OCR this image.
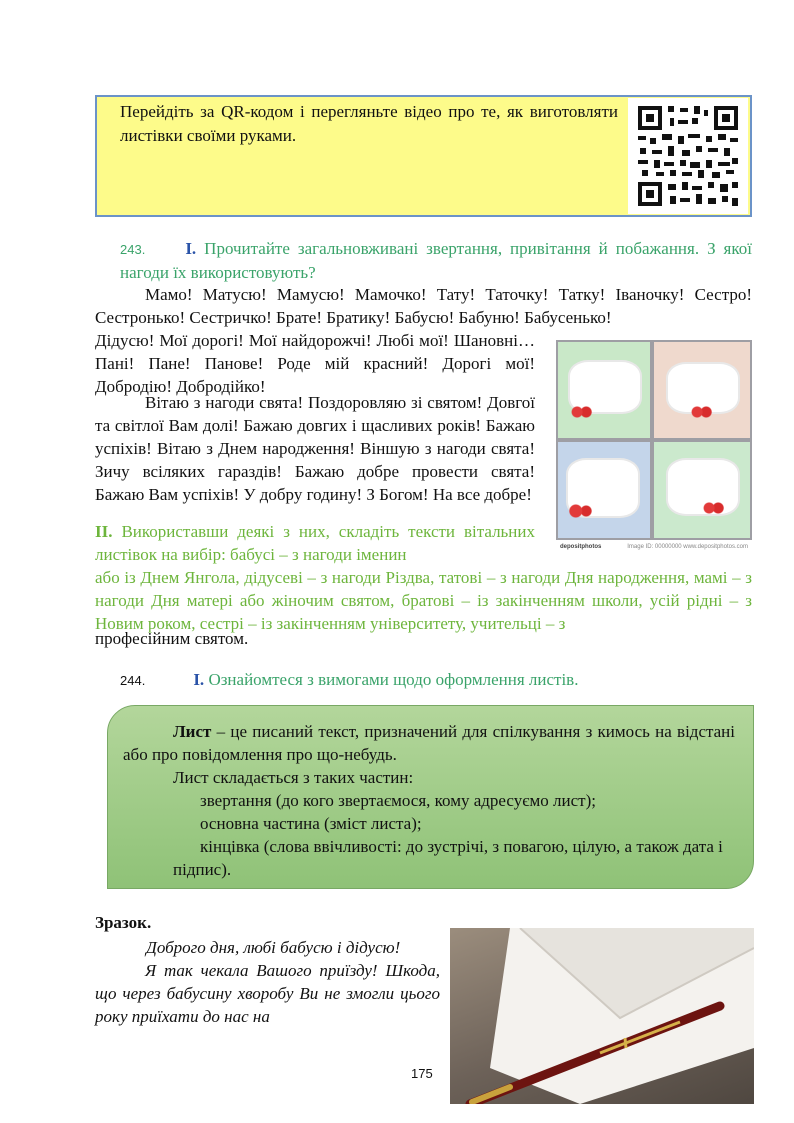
Перейдіть за QR-кодом і перегляньте відео про те, як виготовляти листівки своїми руками.
243. I. Прочитайте загальновживані звертання, привітання й побажання. З якої нагоди їх використовують?
Мамо! Матусю! Мамусю! Мамочко! Тату! Таточку! Татку! Іваночку! Сестро! Сестронько! Сестричко! Брате! Братику! Бабусю! Бабуню! Бабусенько!
Дідусю! Мої дорогі! Мої найдорожчі! Любі мої! Шановні…Пані! Пане! Панове! Роде мій красний! Дорогі мої! Добродію! Добродійко!
Вітаю з нагоди свята! Поздоровляю зі святом! Довгої та світлої Вам долі! Бажаю довгих і щасливих років! Бажаю успіхів! Вітаю з Днем народження! Віншую з нагоди свята! Зичу всіляких гараздів! Бажаю добре провести свята! Бажаю Вам успіхів! У добру годину! З Богом! На все добре!
II. Використавши деякі з них, складіть тексти вітальних листівок на вибір: бабусі – з нагоди іменин
або із Днем Янгола, дідусеві – з нагоди Різдва, татові – з нагоди Дня народження, мамі – з нагоди Дня матері або жіночим святом, братові – із закінченням школи, усій рідні – з Новим роком, сестрі – із закінченням університету, учительці – з
професійним святом.
depositphotos	Image ID: 00000000 www.depositphotos.com
244.	I. Ознайомтеся з вимогами щодо оформлення листів.
Лист – це писаний текст, призначений для спілкування з кимось на відстані або про повідомлення про що-небудь.
Лист складається з таких частин:
звертання (до кого звертаємося, кому адресуємо лист);
основна частина (зміст листа);
кінцівка (слова ввічливості: до зустрічі, з повагою, цілую, а також дата і підпис).
Зразок.
Доброго дня, любі бабусю і дідусю!
Я так чекала Вашого приїзду! Шкода, що через бабусину хворобу Ви не змогли цього року приїхати до нас на
175
